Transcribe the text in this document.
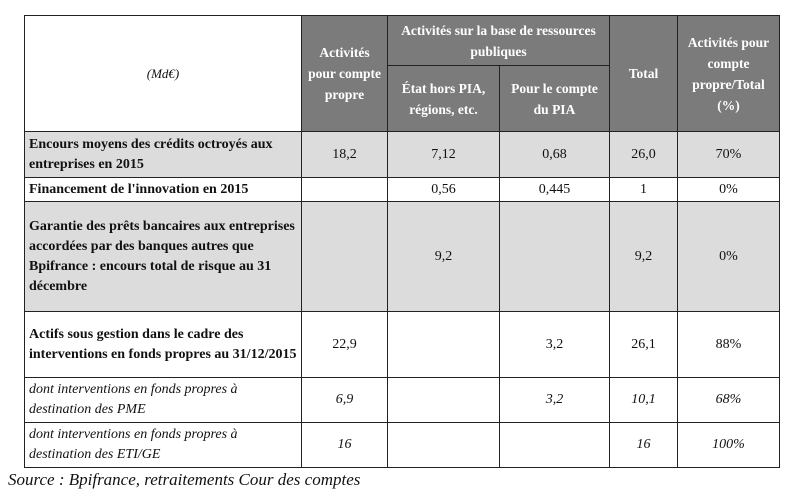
(Md€)	Activités pour compte propre	Activités sur la base de ressources publiques		Total	Activités pour compte propre/Total (%)
		État hors PIA, régions, etc.	Pour le compte du PIA		
Encours moyens des crédits octroyés aux entreprises en 2015	18,2	7,12	0,68	26,0	70%
Financement de l'innovation en 2015		0,56	0,445	1	0%
Garantie des prêts bancaires aux entreprises accordées par des banques autres que Bpifrance : encours total de risque au 31 décembre		9,2		9,2	0%
Actifs sous gestion dans le cadre des interventions en fonds propres au 31/12/2015	22,9		3,2	26,1	88%
dont interventions en fonds propres à destination des PME	6,9		3,2	10,1	68%
dont interventions en fonds propres à destination des ETI/GE	16			16	100%
Source : Bpifrance, retraitements Cour des comptes
